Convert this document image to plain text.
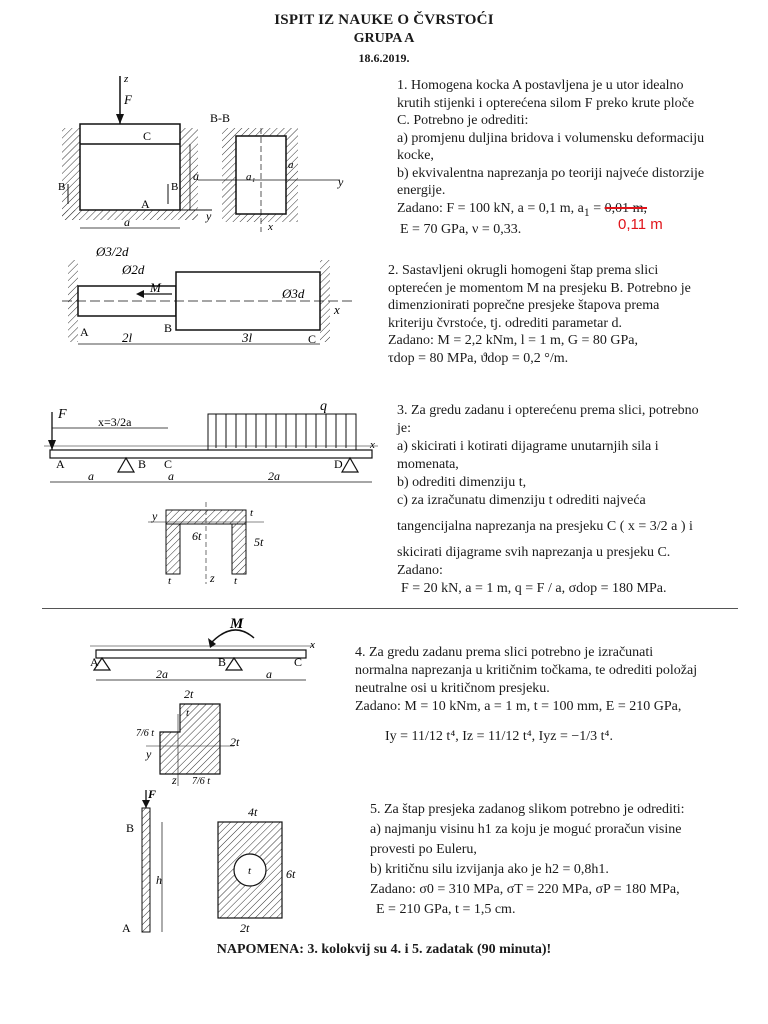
ISPIT IZ NAUKE O ČVRSTOĆI
GRUPA A
18.6.2019.

1. Homogena kocka A postavljena je u utor idealno

krutih stijenki i opterećena silom F preko krute ploče

C. Potrebno je odrediti:

a) promjenu duljina bridova i volumensku deformaciju

kocke,

b) ekvivalentna naprezanja po teoriji najveće distorzije

energije.

Zadano: F = 100 kN, a = 0,1 m, $a_1 = 0,01$ m,

E = 70 GPa, ν = 0,33.	0,11 m
F
z
C
A
B	B
a
a	y
B-B
y
a₁
a
x

2. Sastavljeni okrugli homogeni štap prema slici

opterećen je momentom M na presjeku B. Potrebno je

dimenzionirati poprečne presjeke štapova prema

kriteriju čvrstoće, tj. odrediti parametar d.

Zadano: M = 2,2 kNm, l = 1 m, G = 80 GPa,

τdop = 80 MPa, ϑdop = 0,2 °/m.

x
Ø3/2d
Ø2d
Ø3d
M
A	B
C
2l	3l

3. Za gredu zadanu i opterećenu prema slici, potrebno

je:

a) skicirati i kotirati dijagrame unutarnjih sila i

momenata,

b) odrediti dimenziju t,

c) za izračunatu dimenziju t odrediti najveća

tangencijalna naprezanja na presjeku C ( x = 3/2 a ) i

skicirati dijagrame svih naprezanja u presjeku C.

Zadano:

F = 20 kN, a = 1 m, q = F / a, σdop = 180 MPa.

x
F	x=3/2a
q
A	B C	D
a	a	2a
y
z
6t	5t
t	t
t

4. Za gredu zadanu prema slici potrebno je izračunati

normalna naprezanja u kritičnim točkama, te odrediti položaj

neutralne osi u kritičnom presjeku.

Zadano: M = 10 kNm, a = 1 m, t = 100 mm, E = 210 GPa,

Iy = 11/12 t⁴, Iz = 11/12 t⁴, Iyz = −1/3 t⁴.

x
M
A	B	C
2a	a
2t
t
7/6 t
2t
y
z 7/6 t

5. Za štap presjeka zadanog slikom potrebno je odrediti:

a) najmanju visinu h1 za koju je moguć proračun visine

provesti po Euleru,

b) kritičnu silu izvijanja ako je h2 = 0,8h1.

Zadano: σ0 = 310 MPa, σT = 220 MPa, σP = 180 MPa,

E = 210 GPa, t = 1,5 cm.

F
B
A
h
4t
6t
t
2t
NAPOMENA: 3. kolokvij su 4. i 5. zadatak (90 minuta)!
